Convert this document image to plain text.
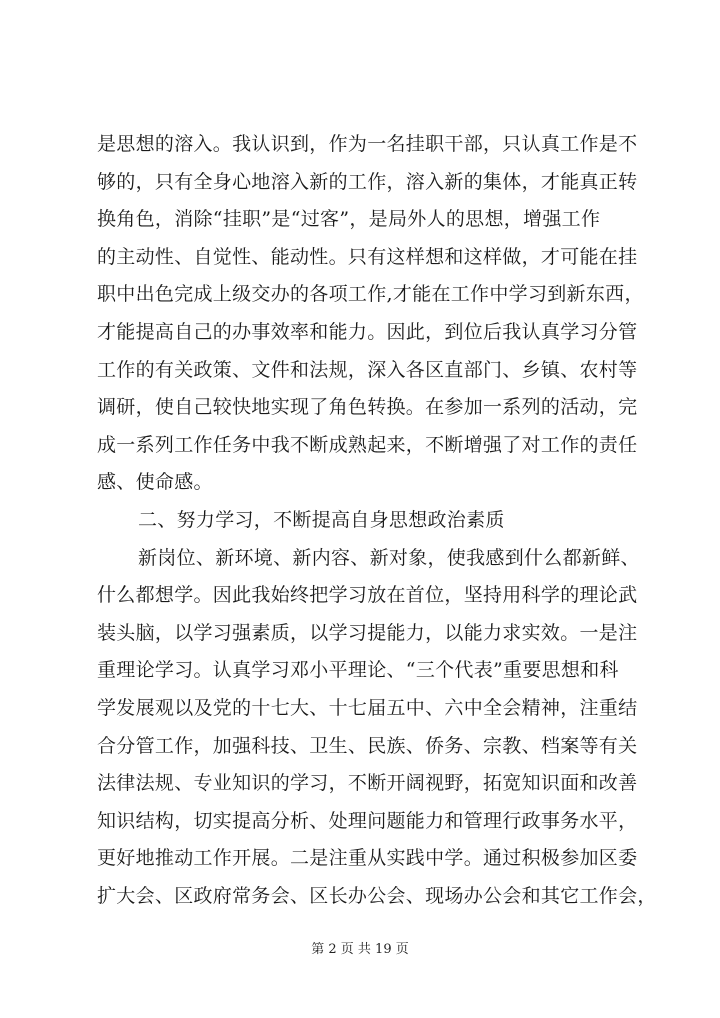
是思想的溶入。我认识到，作为一名挂职干部，只认真工作是不
够的，只有全身心地溶入新的工作，溶入新的集体，才能真正转
换角色，消除“挂职”是“过客”，是局外人的思想，增强工作
的主动性、自觉性、能动性。只有这样想和这样做，才可能在挂
职中出色完成上级交办的各项工作,才能在工作中学习到新东西，
才能提高自己的办事效率和能力。因此，到位后我认真学习分管
工作的有关政策、文件和法规，深入各区直部门、乡镇、农村等
调研，使自己较快地实现了角色转换。在参加一系列的活动，完
成一系列工作任务中我不断成熟起来，不断增强了对工作的责任
感、使命感。
二、努力学习，不断提高自身思想政治素质
新岗位、新环境、新内容、新对象，使我感到什么都新鲜、
什么都想学。因此我始终把学习放在首位，坚持用科学的理论武
装头脑，以学习强素质，以学习提能力，以能力求实效。一是注
重理论学习。认真学习邓小平理论、“三个代表”重要思想和科
学发展观以及党的十七大、十七届五中、六中全会精神，注重结
合分管工作，加强科技、卫生、民族、侨务、宗教、档案等有关
法律法规、专业知识的学习，不断开阔视野，拓宽知识面和改善
知识结构，切实提高分析、处理问题能力和管理行政事务水平，
更好地推动工作开展。二是注重从实践中学。通过积极参加区委
扩大会、区政府常务会、区长办公会、现场办公会和其它工作会，
第 2 页 共 19 页
